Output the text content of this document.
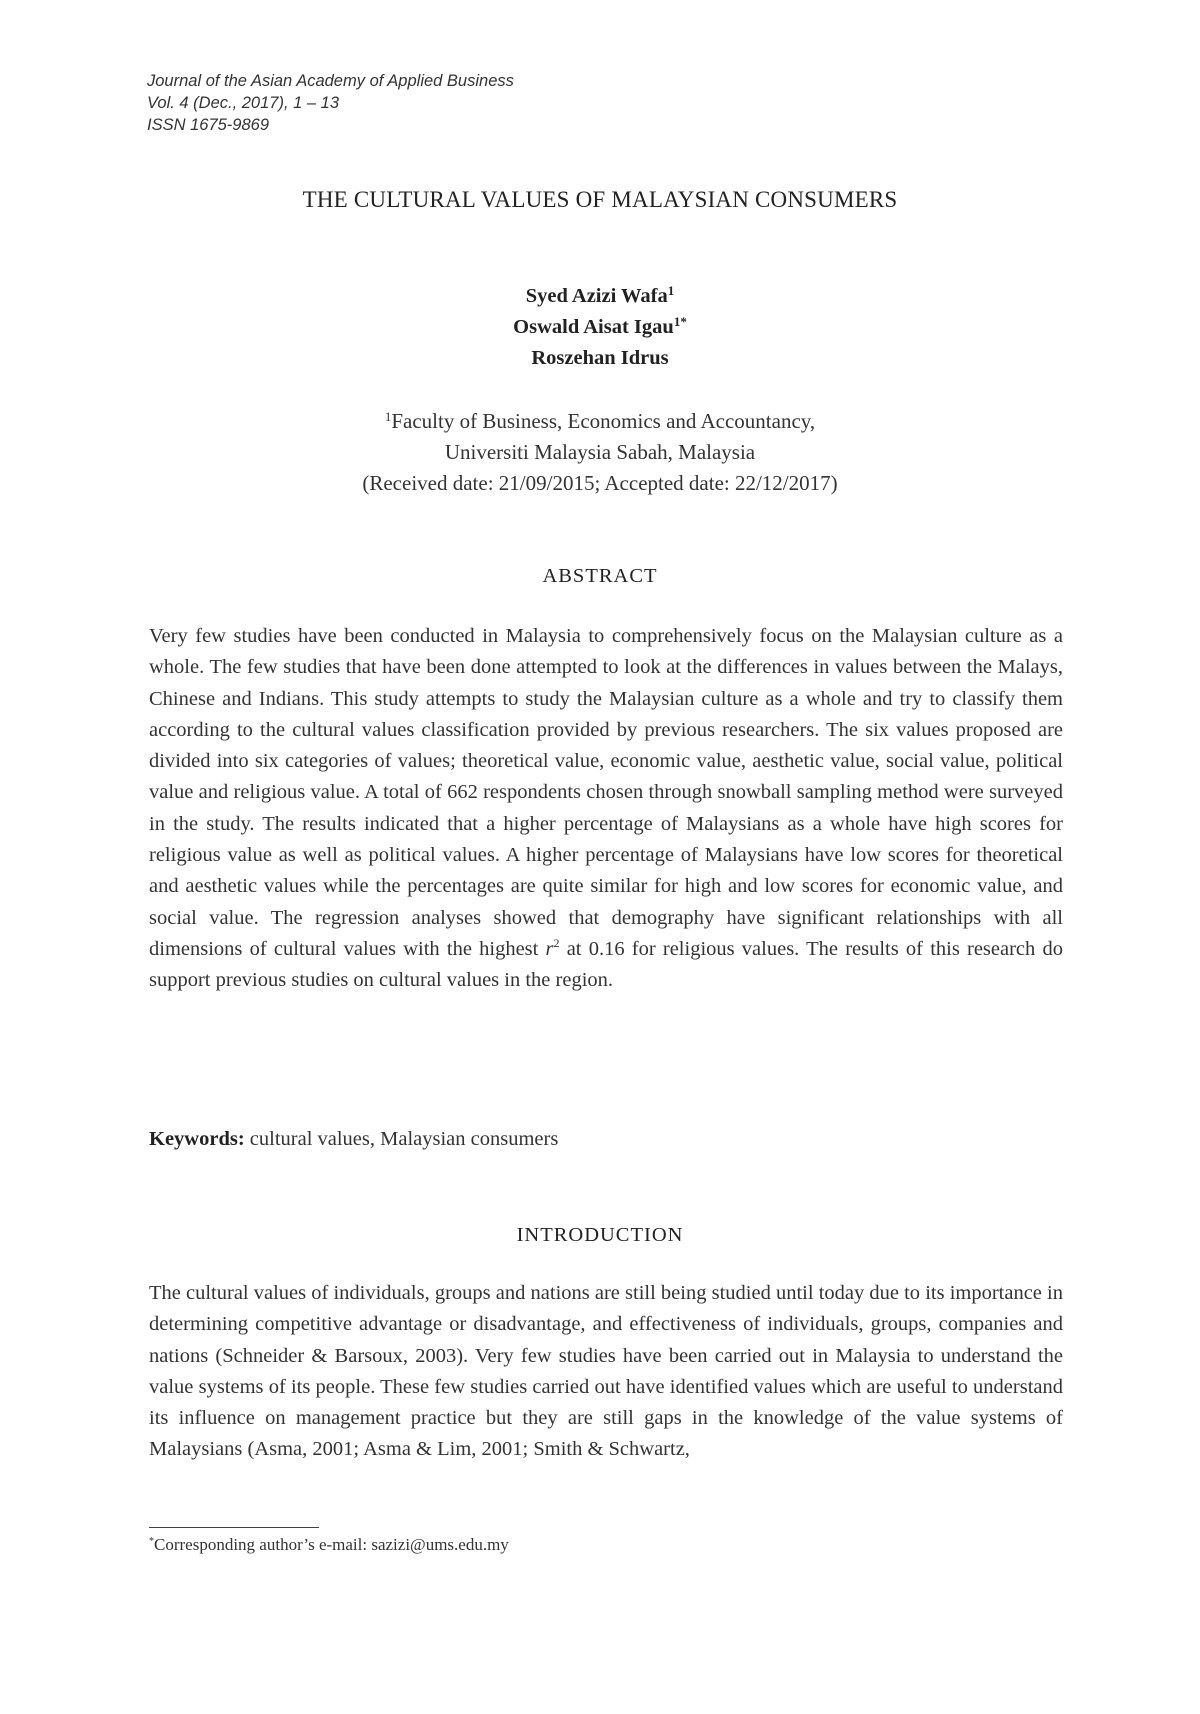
Journal of the Asian Academy of Applied Business
Vol. 4 (Dec., 2017), 1 – 13
ISSN 1675-9869
THE CULTURAL VALUES OF MALAYSIAN CONSUMERS
Syed Azizi Wafa$^1$
Oswald Aisat Igau$^{1*}$
Roszehan Idrus
$^1$Faculty of Business, Economics and Accountancy,
Universiti Malaysia Sabah, Malaysia
(Received date: 21/09/2015; Accepted date: 22/12/2017)
ABSTRACT

Very few studies have been conducted in Malaysia to comprehensively focus on the Malaysian culture as a whole. The few studies that have been done attempted to look at the differences in values between the Malays, Chinese and Indians. This study attempts to study the Malaysian culture as a whole and try to classify them according to the cultural values classification provided by previous researchers. The six values proposed are divided into six categories of values; theoretical value, economic value, aesthetic value, social value, political value and religious value. A total of 662 respondents chosen through snowball sampling method were surveyed in the study. The results indicated that a higher percentage of Malaysians as a whole have high scores for religious value as well as political values. A higher percentage of Malaysians have low scores for theoretical and aesthetic values while the percentages are quite similar for high and low scores for economic value, and social value. The regression analyses showed that demography have significant relationships with all dimensions of cultural values with the highest $r^2$ at 0.16 for religious values. The results of this research do support previous studies on cultural values in the region.

Keywords: cultural values, Malaysian consumers
INTRODUCTION

The cultural values of individuals, groups and nations are still being studied until today due to its importance in determining competitive advantage or disadvantage, and effectiveness of individuals, groups, companies and nations (Schneider & Barsoux, 2003). Very few studies have been carried out in Malaysia to understand the value systems of its people. These few studies carried out have identified values which are useful to understand its influence on management practice but they are still gaps in the knowledge of the value systems of Malaysians (Asma, 2001; Asma & Lim, 2001; Smith & Schwartz,

*Corresponding author’s e-mail: sazizi@ums.edu.my
